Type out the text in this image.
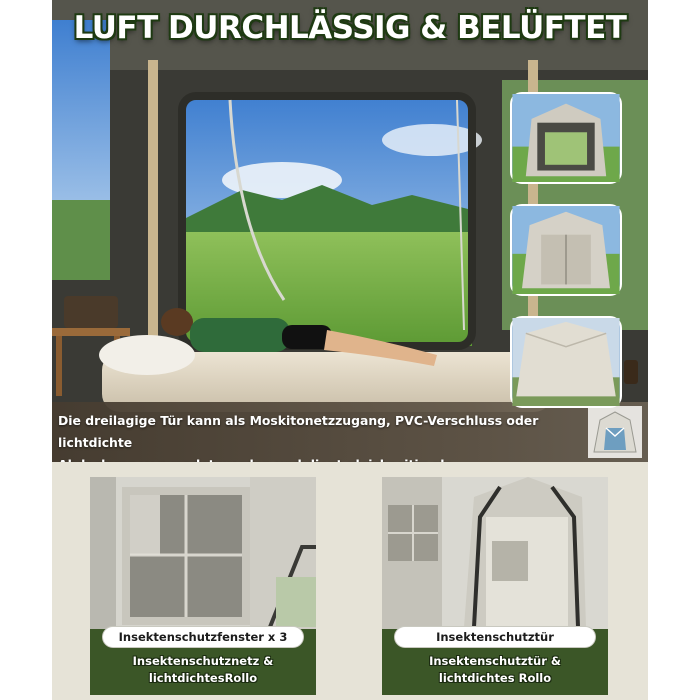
LUFT DURCHLÄSSIG & BELÜFTET
Die dreilagige Tür kann als Moskitonetzzugang, PVC-Verschluss oder lichtdichte
Insektenschutzfenster x 3
Insektenschutznetz &
lichtdichtesRollo
Insektenschutztür
Insektenschutztür &
lichtdichtes Rollo
